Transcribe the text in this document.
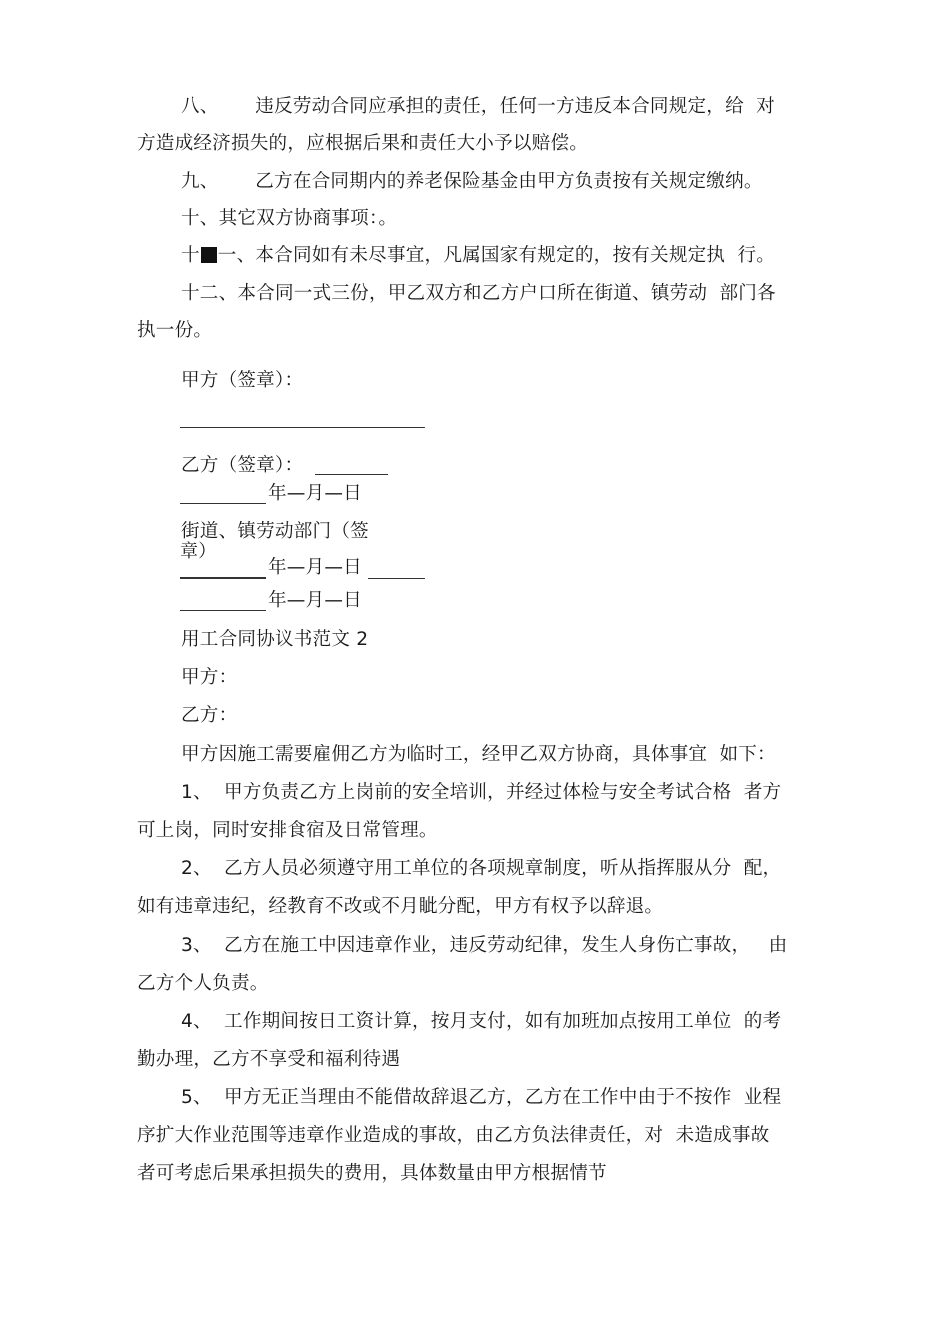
八、      违反劳动合同应承担的责任，任何一方违反本合同规定，给  对
方造成经济损失的，应根据后果和责任大小予以赔偿。
九、      乙方在合同期内的养老保险基金由甲方负责按有关规定缴纳。
十、其它双方协商事项：。
十 一、本合同如有未尽事宜，凡属国家有规定的，按有关规定执  行。
十二、本合同一式三份，甲乙双方和乙方户口所在街道、镇劳动  部门各
执一份。
甲方（签章）：
乙方（签章）：
年—月—日
街道、镇劳动部门（签
章）
年—月—日
年—月—日
用工合同协议书范文 2
甲方：
乙方：
甲方因施工需要雇佣乙方为临时工，经甲乙双方协商，具体事宜  如下：
1、  甲方负责乙方上岗前的安全培训，并经过体检与安全考试合格  者方
可上岗，同时安排食宿及日常管理。
2、  乙方人员必须遵守用工单位的各项规章制度，听从指挥服从分  配，
如有违章违纪，经教育不改或不月眦分配，甲方有权予以辞退。
3、  乙方在施工中因违章作业，违反劳动纪律，发生人身伤亡事故，   由
乙方个人负责。
4、  工作期间按日工资计算，按月支付，如有加班加点按用工单位  的考
勤办理，乙方不享受和福利待遇
5、  甲方无正当理由不能借故辞退乙方，乙方在工作中由于不按作  业程
序扩大作业范围等违章作业造成的事故，由乙方负法律责任，对  未造成事故
者可考虑后果承担损失的费用，具体数量由甲方根据情节
